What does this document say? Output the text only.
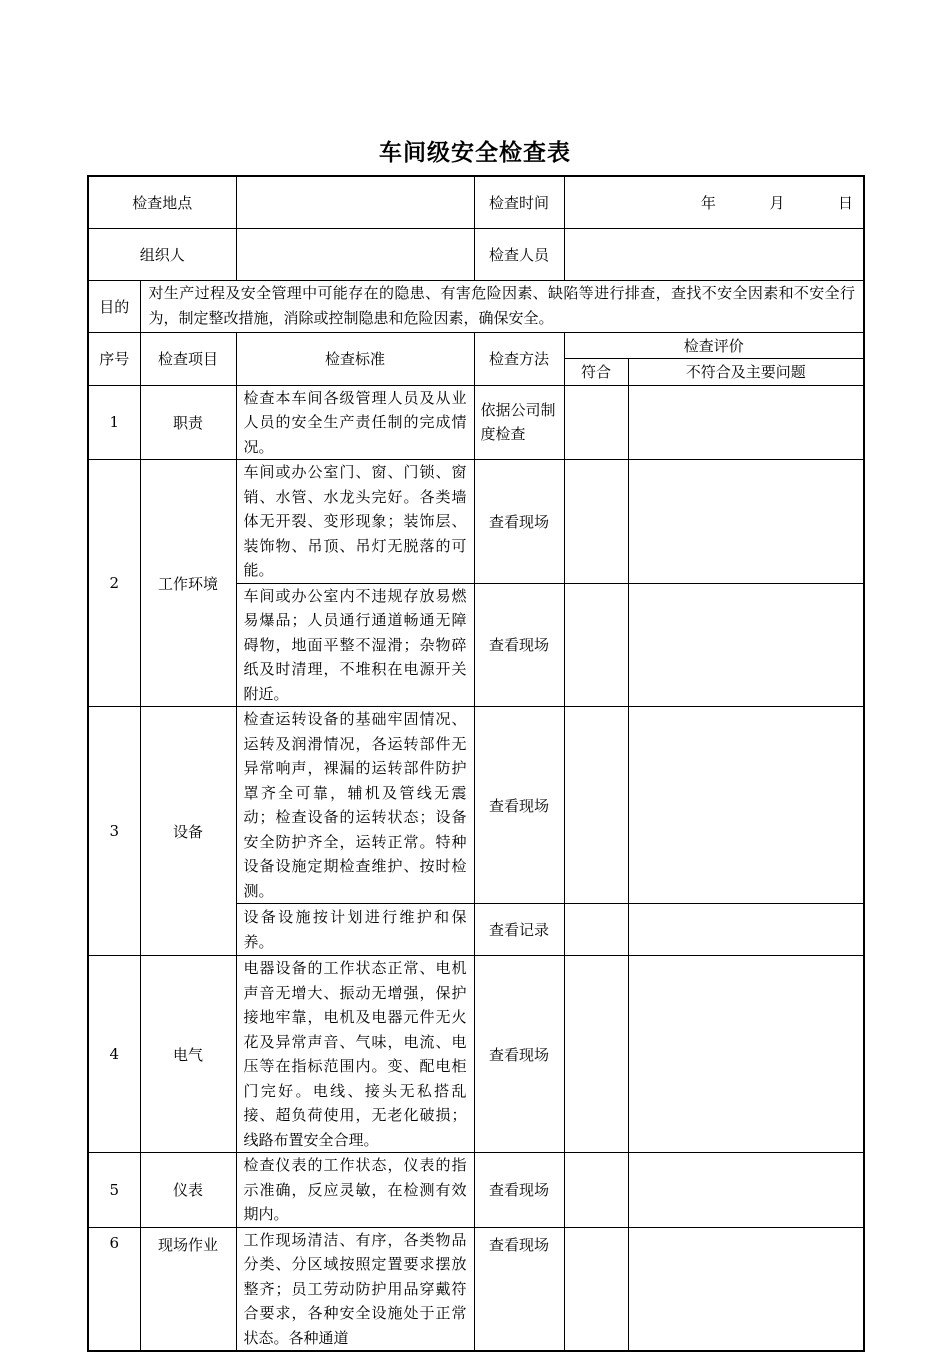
车间级安全检查表
检查地点			检查时间	年 月 日	
组织人			检查人员		
目的	对生产过程及安全管理中可能存在的隐患、有害危险因素、缺陷等进行排查，查找不安全因素和不安全行为，制定整改措施，消除或控制隐患和危险因素，确保安全。				
序号	检查项目	检查标准	检查方法	检查评价	
				符合	不符合及主要问题
1	职责	检查本车间各级管理人员及从业人员的安全生产责任制的完成情况。	依据公司制度检查		
2	工作环境	车间或办公室门、窗、门锁、窗销、水管、水龙头完好。各类墙体无开裂、变形现象；装饰层、装饰物、吊顶、吊灯无脱落的可能。	查看现场		
		车间或办公室内不违规存放易燃易爆品；人员通行通道畅通无障碍物，地面平整不湿滑；杂物碎纸及时清理，不堆积在电源开关附近。	查看现场		
3	设备	检查运转设备的基础牢固情况、运转及润滑情况，各运转部件无异常响声，裸漏的运转部件防护罩齐全可靠，辅机及管线无震动；检查设备的运转状态；设备安全防护齐全，运转正常。特种设备设施定期检查维护、按时检测。	查看现场		
		设备设施按计划进行维护和保养。	查看记录		
4	电气	电器设备的工作状态正常、电机声音无增大、振动无增强，保护接地牢靠，电机及电器元件无火花及异常声音、气味，电流、电压等在指标范围内。变、配电柜门完好。电线、接头无私搭乱接、超负荷使用，无老化破损；线路布置安全合理。	查看现场		
5	仪表	检查仪表的工作状态，仪表的指示准确，反应灵敏，在检测有效期内。	查看现场		
6	现场作业	工作现场清洁、有序，各类物品分类、分区域按照定置要求摆放整齐；员工劳动防护用品穿戴符合要求，各种安全设施处于正常状态。各种通道	查看现场		
